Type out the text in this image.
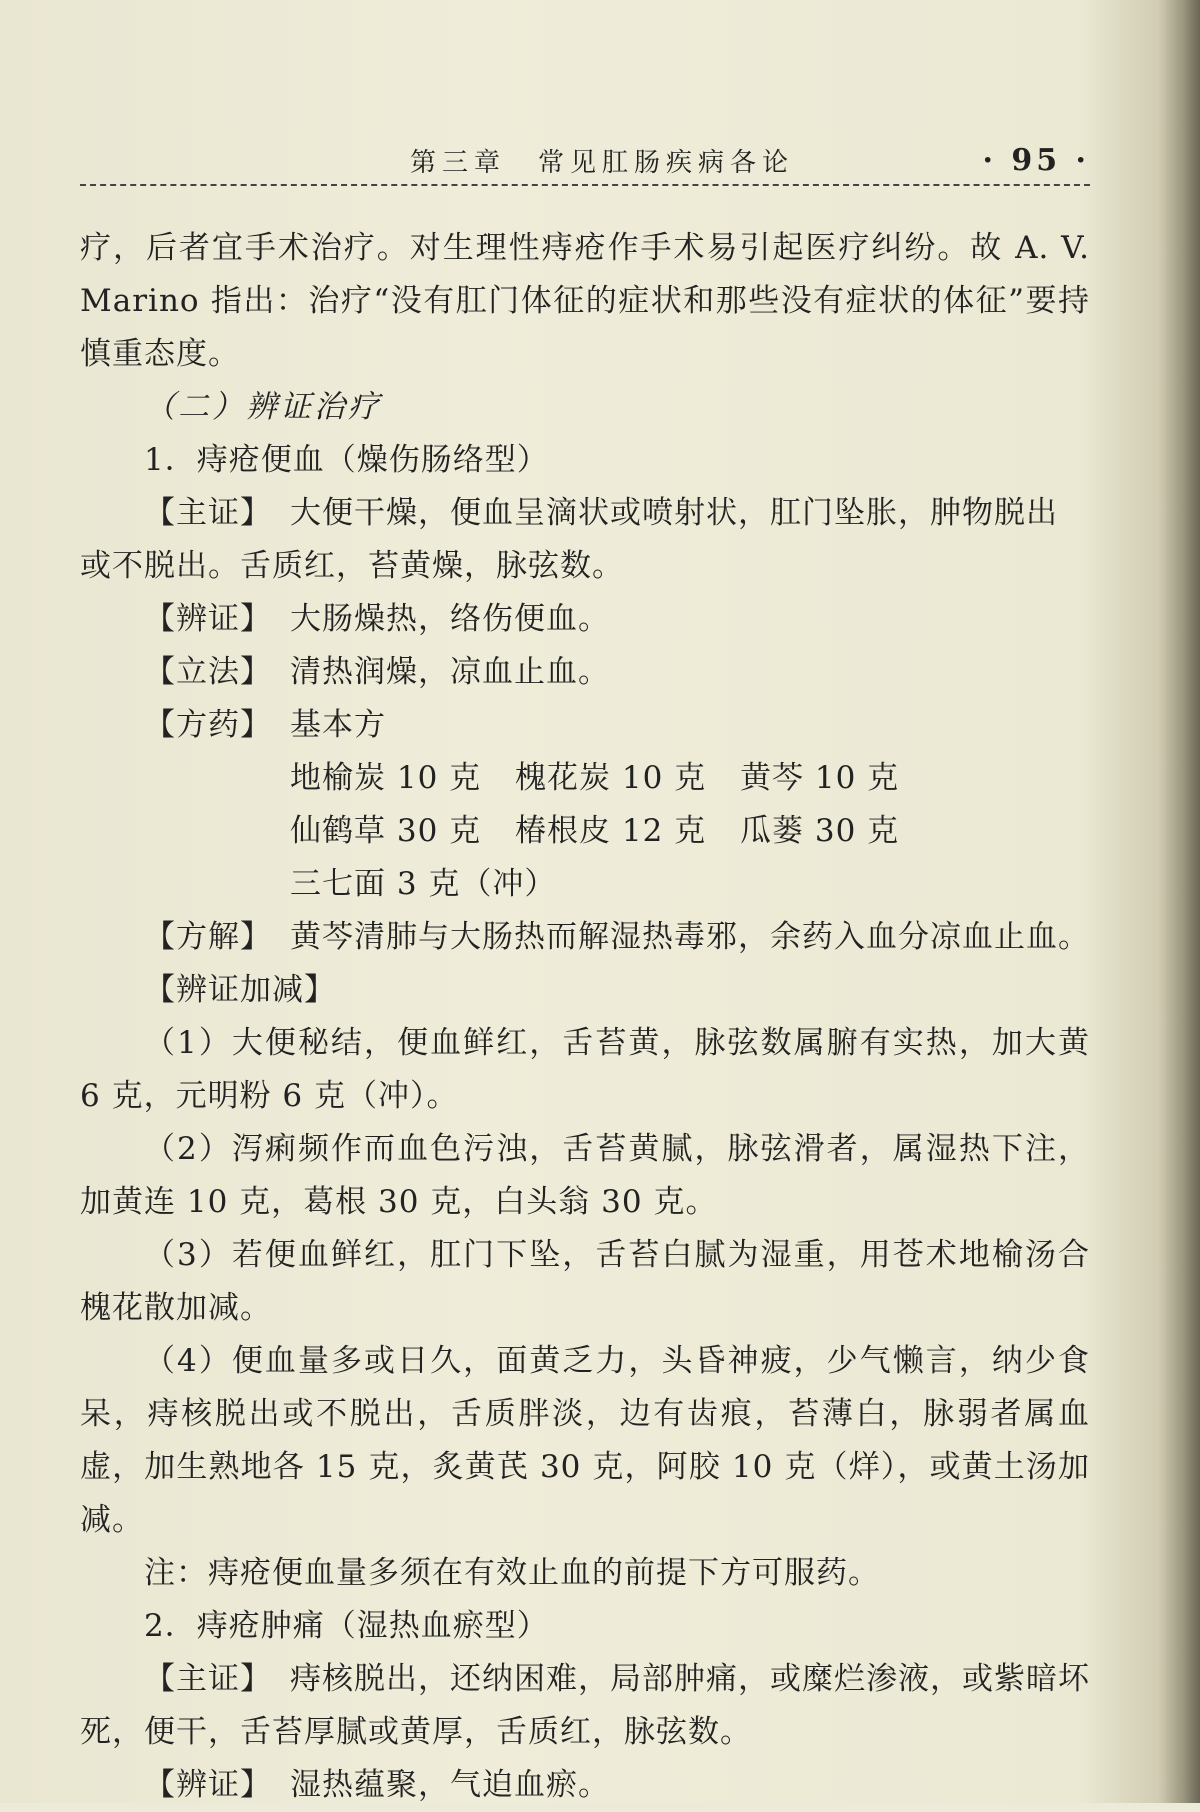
第三章　常见肛肠疾病各论	· 95 ·

疗，后者宜手术治疗。对生理性痔疮作手术易引起医疗纠纷。故 A. V. Marino 指出：治疗“没有肛门体征的症状和那些没有症状的体征”要持慎重态度。

（二）辨证治疗
1．痔疮便血（燥伤肠络型）
【主证】 大便干燥，便血呈滴状或喷射状，肛门坠胀，肿物脱出

或不脱出。舌质红，苔黄燥，脉弦数。

【辨证】 大肠燥热，络伤便血。
【立法】 清热润燥，凉血止血。
【方药】 基本方
地榆炭 10 克	槐花炭 10 克	黄芩 10 克
仙鹤草 30 克	椿根皮 12 克	瓜蒌 30 克
三七面 3 克（冲）
【方解】 黄芩清肺与大肠热而解湿热毒邪，余药入血分凉血止血。
【辨证加减】

（1）大便秘结，便血鲜红，舌苔黄，脉弦数属腑有实热，加大黄 6 克，元明粉 6 克（冲）。

（2）泻痢频作而血色污浊，舌苔黄腻，脉弦滑者，属湿热下注，加黄连 10 克，葛根 30 克，白头翁 30 克。

（3）若便血鲜红，肛门下坠，舌苔白腻为湿重，用苍术地榆汤合槐花散加减。

（4）便血量多或日久，面黄乏力，头昏神疲，少气懒言，纳少食呆，痔核脱出或不脱出，舌质胖淡，边有齿痕，苔薄白，脉弱者属血虚，加生熟地各 15 克，炙黄芪 30 克，阿胶 10 克（烊），或黄土汤加减。

注：痔疮便血量多须在有效止血的前提下方可服药。

2．痔疮肿痛（湿热血瘀型）
【主证】 痔核脱出，还纳困难，局部肿痛，或糜烂渗液，或紫暗坏

死，便干，舌苔厚腻或黄厚，舌质红，脉弦数。

【辨证】 湿热蕴聚，气迫血瘀。
